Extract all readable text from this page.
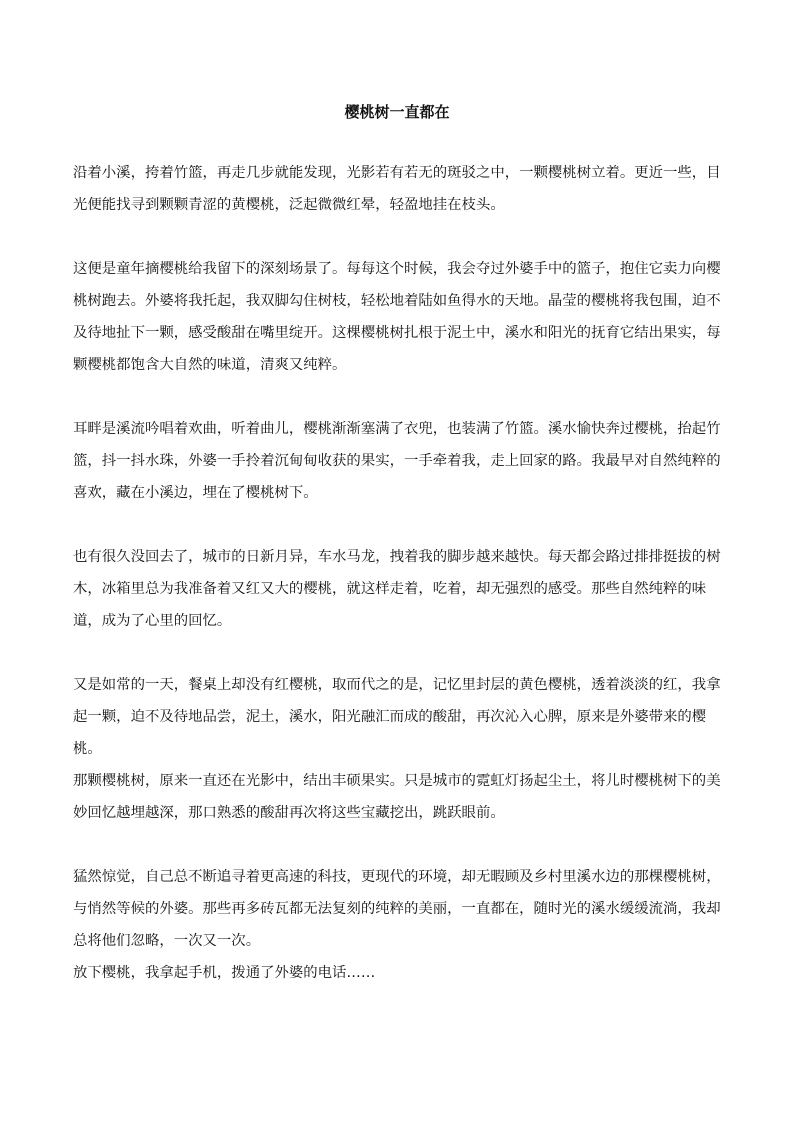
樱桃树一直都在

沿着小溪，挎着竹篮，再走几步就能发现，光影若有若无的斑驳之中，一颗樱桃树立着。更近一些，目光便能找寻到颗颗青涩的黄樱桃，泛起微微红晕，轻盈地挂在枝头。

这便是童年摘樱桃给我留下的深刻场景了。每每这个时候，我会夺过外婆手中的篮子，抱住它卖力向樱桃树跑去。外婆将我托起，我双脚勾住树枝，轻松地着陆如鱼得水的天地。晶莹的樱桃将我包围，迫不及待地扯下一颗，感受酸甜在嘴里绽开。这棵樱桃树扎根于泥土中，溪水和阳光的抚育它结出果实，每颗樱桃都饱含大自然的味道，清爽又纯粹。

耳畔是溪流吟唱着欢曲，听着曲儿，樱桃渐渐塞满了衣兜，也装满了竹篮。溪水愉快奔过樱桃，抬起竹篮，抖一抖水珠，外婆一手拎着沉甸甸收获的果实，一手牵着我，走上回家的路。我最早对自然纯粹的喜欢，藏在小溪边，埋在了樱桃树下。

也有很久没回去了，城市的日新月异，车水马龙，拽着我的脚步越来越快。每天都会路过排排挺拔的树木，冰箱里总为我准备着又红又大的樱桃，就这样走着，吃着，却无强烈的感受。那些自然纯粹的味道，成为了心里的回忆。

又是如常的一天，餐桌上却没有红樱桃，取而代之的是，记忆里封层的黄色樱桃，透着淡淡的红，我拿起一颗，迫不及待地品尝，泥土，溪水，阳光融汇而成的酸甜，再次沁入心脾，原来是外婆带来的樱桃。

那颗樱桃树，原来一直还在光影中，结出丰硕果实。只是城市的霓虹灯扬起尘土，将儿时樱桃树下的美妙回忆越埋越深，那口熟悉的酸甜再次将这些宝藏挖出，跳跃眼前。

猛然惊觉，自己总不断追寻着更高速的科技，更现代的环境，却无暇顾及乡村里溪水边的那棵樱桃树，与悄然等候的外婆。那些再多砖瓦都无法复刻的纯粹的美丽，一直都在，随时光的溪水缓缓流淌，我却总将他们忽略，一次又一次。

放下樱桃，我拿起手机，拨通了外婆的电话……
